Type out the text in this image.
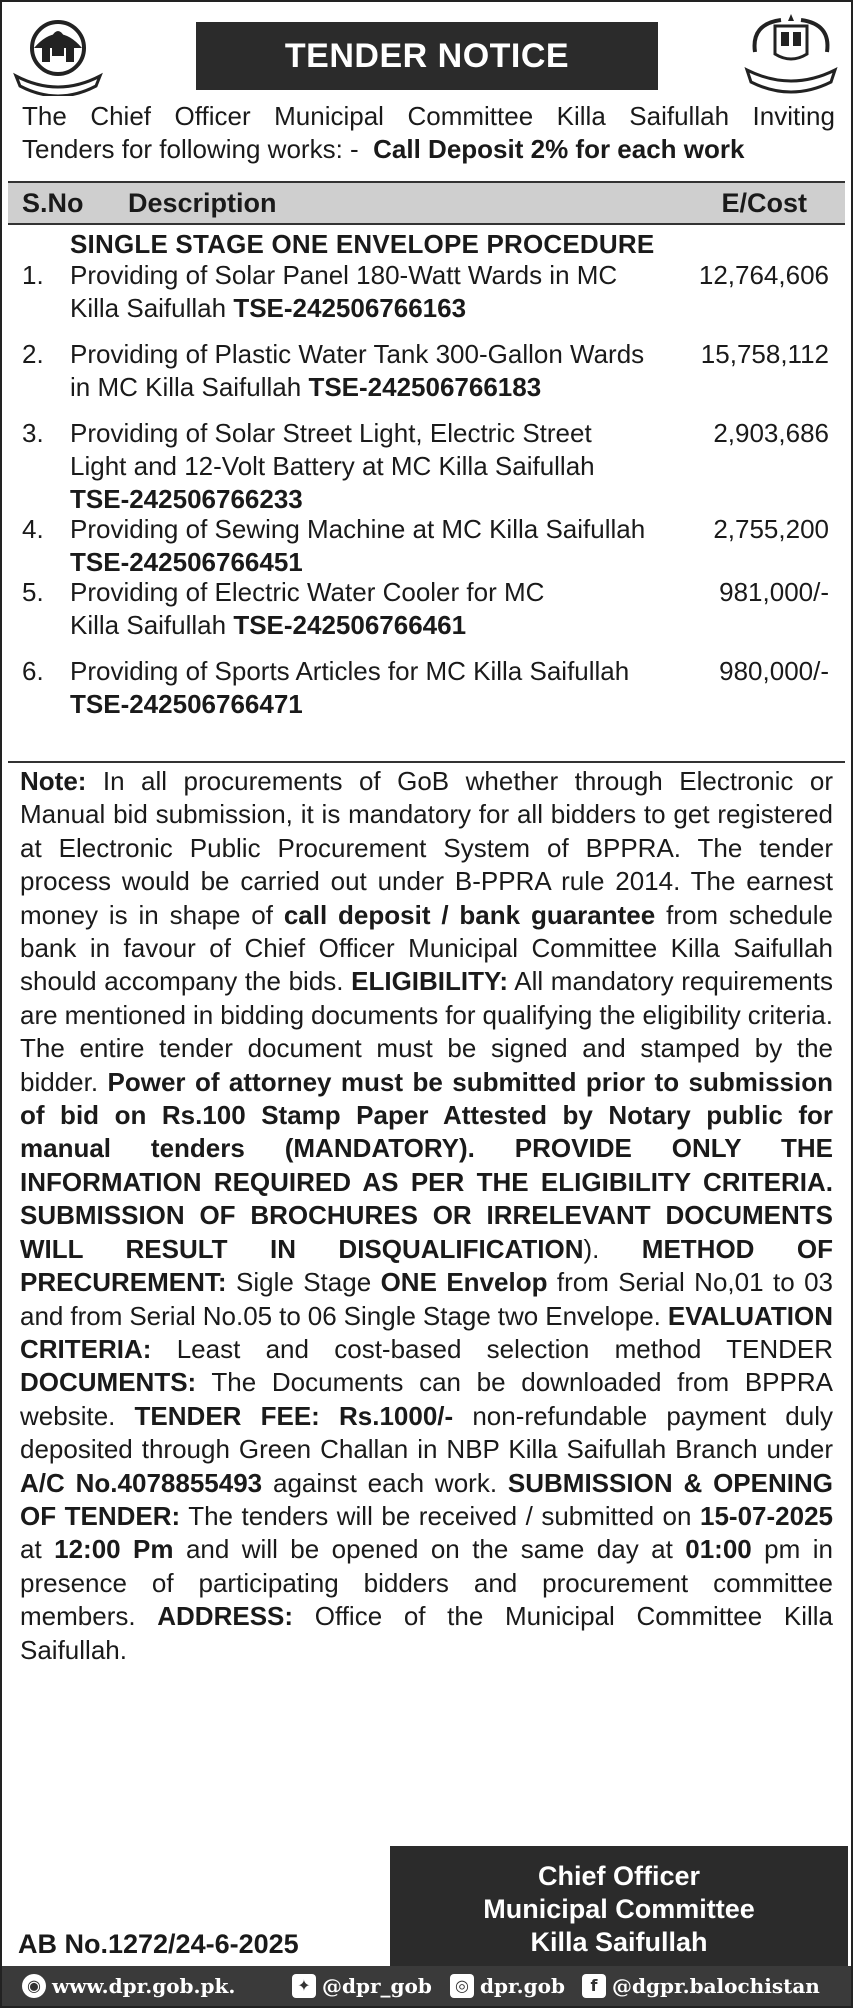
TENDER NOTICE
The Chief Officer Municipal Committee Killa Saifullah Inviting
Tenders for following works: - Call Deposit 2% for each work
S.No Description	E/Cost
SINGLE STAGE ONE ENVELOPE PROCEDURE
1. Providing of Solar Panel 180-Watt Wards in MC
Killa Saifullah TSE-242506766163
12,764,606
2. Providing of Plastic Water Tank 300-Gallon Wards
in MC Killa Saifullah TSE-242506766183
15,758,112
3. Providing of Solar Street Light, Electric Street
Light and 12-Volt Battery at MC Killa Saifullah
TSE-242506766233
2,903,686
4. Providing of Sewing Machine at MC Killa Saifullah
TSE-242506766451
2,755,200
5. Providing of Electric Water Cooler for MC
Killa Saifullah TSE-242506766461
981,000/-
6. Providing of Sports Articles for MC Killa Saifullah
TSE-242506766471
980,000/-
Note: In all procurements of GoB whether through Electronic or Manual bid submission, it is mandatory for all bidders to get registered at Electronic Public Procurement System of BPPRA. The tender process would be carried out under B-PPRA rule 2014. The earnest money is in shape of call deposit / bank guarantee from schedule bank in favour of Chief Officer Municipal Committee Killa Saifullah should accompany the bids. ELIGIBILITY: All mandatory requirements are mentioned in bidding documents for qualifying the eligibility criteria. The entire tender document must be signed and stamped by the bidder. Power of attorney must be submitted prior to submission of bid on Rs.100 Stamp Paper Attested by Notary public for manual tenders (MANDATORY). PROVIDE ONLY THE INFORMATION REQUIRED AS PER THE ELIGIBILITY CRITERIA. SUBMISSION OF BROCHURES OR IRRELEVANT DOCUMENTS WILL RESULT IN DISQUALIFICATION). METHOD OF PRECUREMENT: Sigle Stage ONE Envelop from Serial No,01 to 03 and from Serial No.05 to 06 Single Stage two Envelope. EVALUATION CRITERIA: Least and cost-based selection method TENDER DOCUMENTS: The Documents can be downloaded from BPPRA website. TENDER FEE: Rs.1000/- non-refundable payment duly deposited through Green Challan in NBP Killa Saifullah Branch under A/C No.4078855493 against each work. SUBMISSION & OPENING OF TENDER: The tenders will be received / submitted on 15-07-2025 at 12:00 Pm and will be opened on the same day at 01:00 pm in presence of participating bidders and procurement committee members. ADDRESS: Office of the Municipal Committee Killa Saifullah.
Chief Officer
Municipal Committee
Killa Saifullah
AB No.1272/24-6-2025
◉ www.dpr.gob.pk.	✦ @dpr_gob	◎ dpr.gob	f @dgpr.balochistan
